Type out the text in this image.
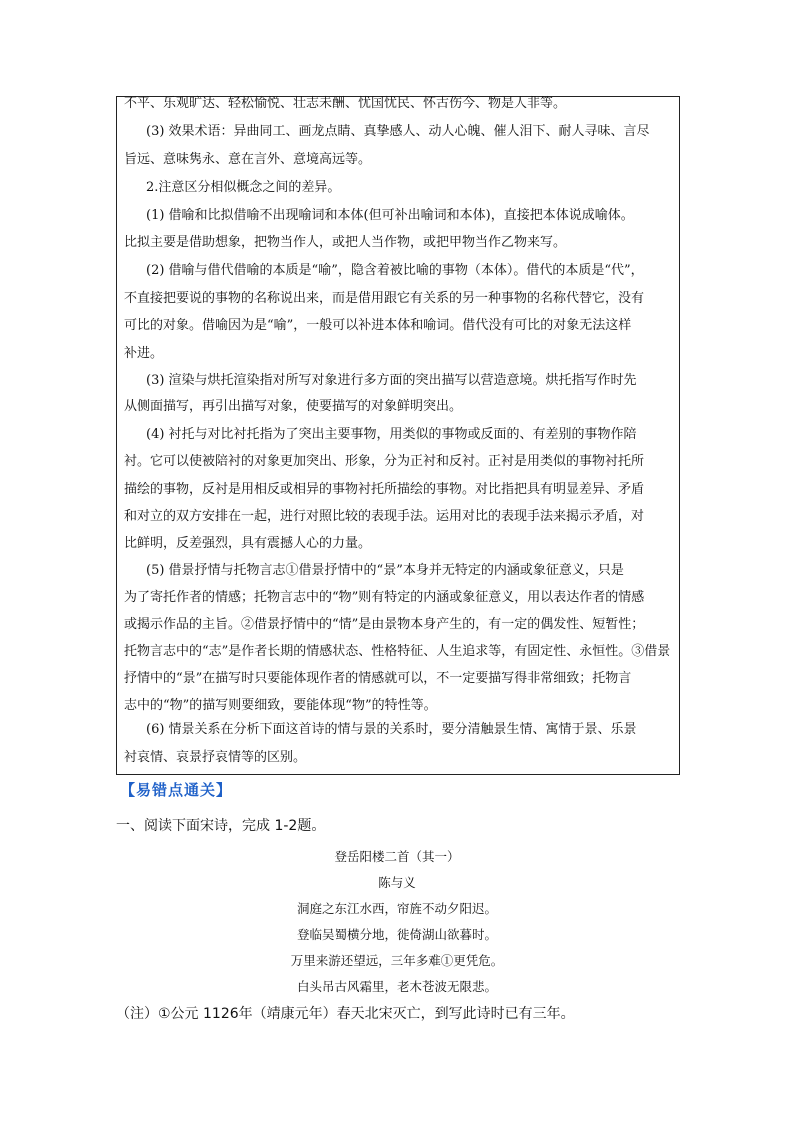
不平、乐观旷达、轻松愉悦、壮志未酬、忧国忧民、怀古伤今、物是人非等。
(3) 效果术语：异曲同工、画龙点睛、真挚感人、动人心魄、催人泪下、耐人寻味、言尽
旨远、意味隽永、意在言外、意境高远等。
2.注意区分相似概念之间的差异。
(1) 借喻和比拟借喻不出现喻词和本体(但可补出喻词和本体)，直接把本体说成喻体。
比拟主要是借助想象，把物当作人，或把人当作物，或把甲物当作乙物来写。
(2) 借喻与借代借喻的本质是“喻”，隐含着被比喻的事物（本体）。借代的本质是“代”，
不直接把要说的事物的名称说出来，而是借用跟它有关系的另一种事物的名称代替它，没有
可比的对象。借喻因为是“喻”，一般可以补进本体和喻词。借代没有可比的对象无法这样
补进。
(3) 渲染与烘托渲染指对所写对象进行多方面的突出描写以营造意境。烘托指写作时先
从侧面描写，再引出描写对象，使要描写的对象鲜明突出。
(4) 衬托与对比衬托指为了突出主要事物，用类似的事物或反面的、有差别的事物作陪
衬。它可以使被陪衬的对象更加突出、形象，分为正衬和反衬。正衬是用类似的事物衬托所
描绘的事物，反衬是用相反或相异的事物衬托所描绘的事物。对比指把具有明显差异、矛盾
和对立的双方安排在一起，进行对照比较的表现手法。运用对比的表现手法来揭示矛盾，对
比鲜明，反差强烈，具有震撼人心的力量。
(5) 借景抒情与托物言志①借景抒情中的“景”本身并无特定的内涵或象征意义，只是
为了寄托作者的情感；托物言志中的“物”则有特定的内涵或象征意义，用以表达作者的情感
或揭示作品的主旨。②借景抒情中的“情”是由景物本身产生的，有一定的偶发性、短暂性；
托物言志中的“志”是作者长期的情感状态、性格特征、人生追求等，有固定性、永恒性。③借景
抒情中的“景”在描写时只要能体现作者的情感就可以，不一定要描写得非常细致；托物言
志中的“物”的描写则要细致，要能体现“物”的特性等。
(6) 情景关系在分析下面这首诗的情与景的关系时，要分清触景生情、寓情于景、乐景
衬哀情、哀景抒哀情等的区别。
【易错点通关】
一、阅读下面宋诗，完成 1-2题。
登岳阳楼二首（其一）
陈与义
洞庭之东江水西，帘旌不动夕阳迟。
登临吴蜀横分地，徙倚湖山欲暮时。
万里来游还望远，三年多难①更凭危。
白头吊古风霜里，老木苍波无限悲。
（注）①公元 1126年（靖康元年）春天北宋灭亡，到写此诗时已有三年。
